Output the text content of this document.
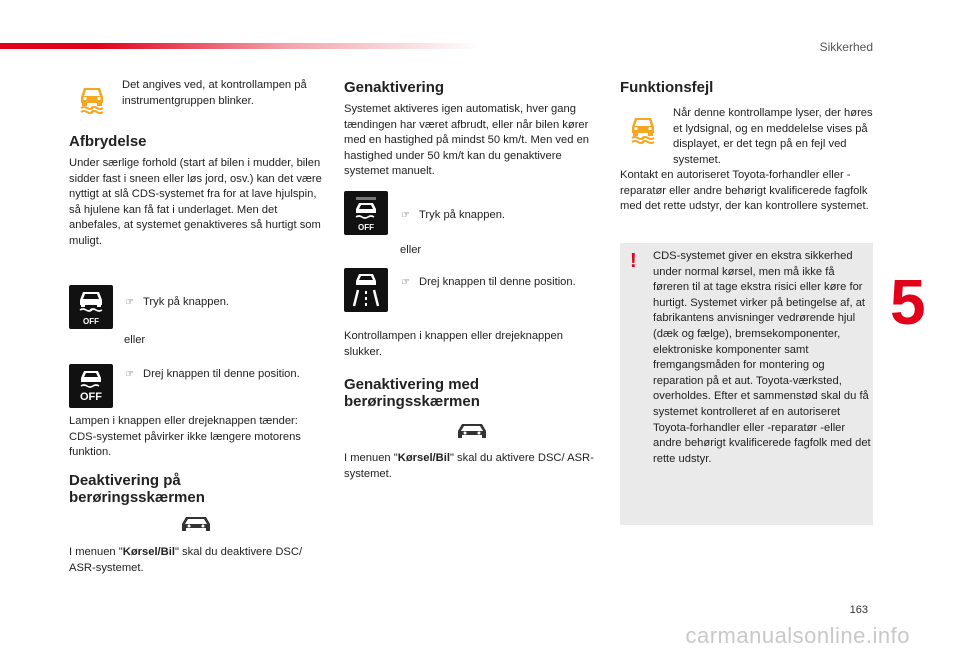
Sikkerhed
5
163
carmanualsonline.info
Det angives ved, at kontrollampen på instrumentgruppen blinker.
Afbrydelse
Under særlige forhold (start af bilen i mudder, bilen sidder fast i sneen eller løs jord, osv.) kan det være nyttigt at slå CDS-systemet fra for at lave hjulspin, så hjulene kan få fat i underlaget. Men det anbefales, at systemet genaktiveres så hurtigt som muligt.
OFF
☞ Tryk på knappen.
eller
OFF
☞ Drej knappen til denne position.
Lampen i knappen eller drejeknappen tænder: CDS-systemet påvirker ikke længere motorens funktion.
Deaktivering på
berøringsskærmen
I menuen "Kørsel/Bil" skal du deaktivere DSC/ ASR-systemet.
Genaktivering
Systemet aktiveres igen automatisk, hver gang tændingen har været afbrudt, eller når bilen kører med en hastighed på mindst 50 km/t. Men ved en hastighed under 50 km/t kan du genaktivere systemet manuelt.
OFF
☞ Tryk på knappen.
eller
☞ Drej knappen til denne position.
Kontrollampen i knappen eller drejeknappen slukker.
Genaktivering med
berøringsskærmen
I menuen "Kørsel/Bil" skal du aktivere DSC/ ASR-systemet.
Funktionsfejl
Når denne kontrollampe lyser, der høres et lydsignal, og en meddelelse vises på displayet, er det tegn på en fejl ved systemet.
Kontakt en autoriseret Toyota-forhandler eller -reparatør eller andre behørigt kvalificerede fagfolk med det rette udstyr, der kan kontrollere systemet.
! CDS-systemet giver en ekstra sikkerhed under normal kørsel, men må ikke få føreren til at tage ekstra risici eller køre for hurtigt. Systemet virker på betingelse af, at fabrikantens anvisninger vedrørende hjul (dæk og fælge), bremsekomponenter, elektroniske komponenter samt fremgangsmåden for montering og reparation på et aut. Toyota-værksted, overholdes. Efter et sammenstød skal du få systemet kontrolleret af en autoriseret Toyota-forhandler eller -reparatør -eller andre behørigt kvalificerede fagfolk med det rette udstyr.
